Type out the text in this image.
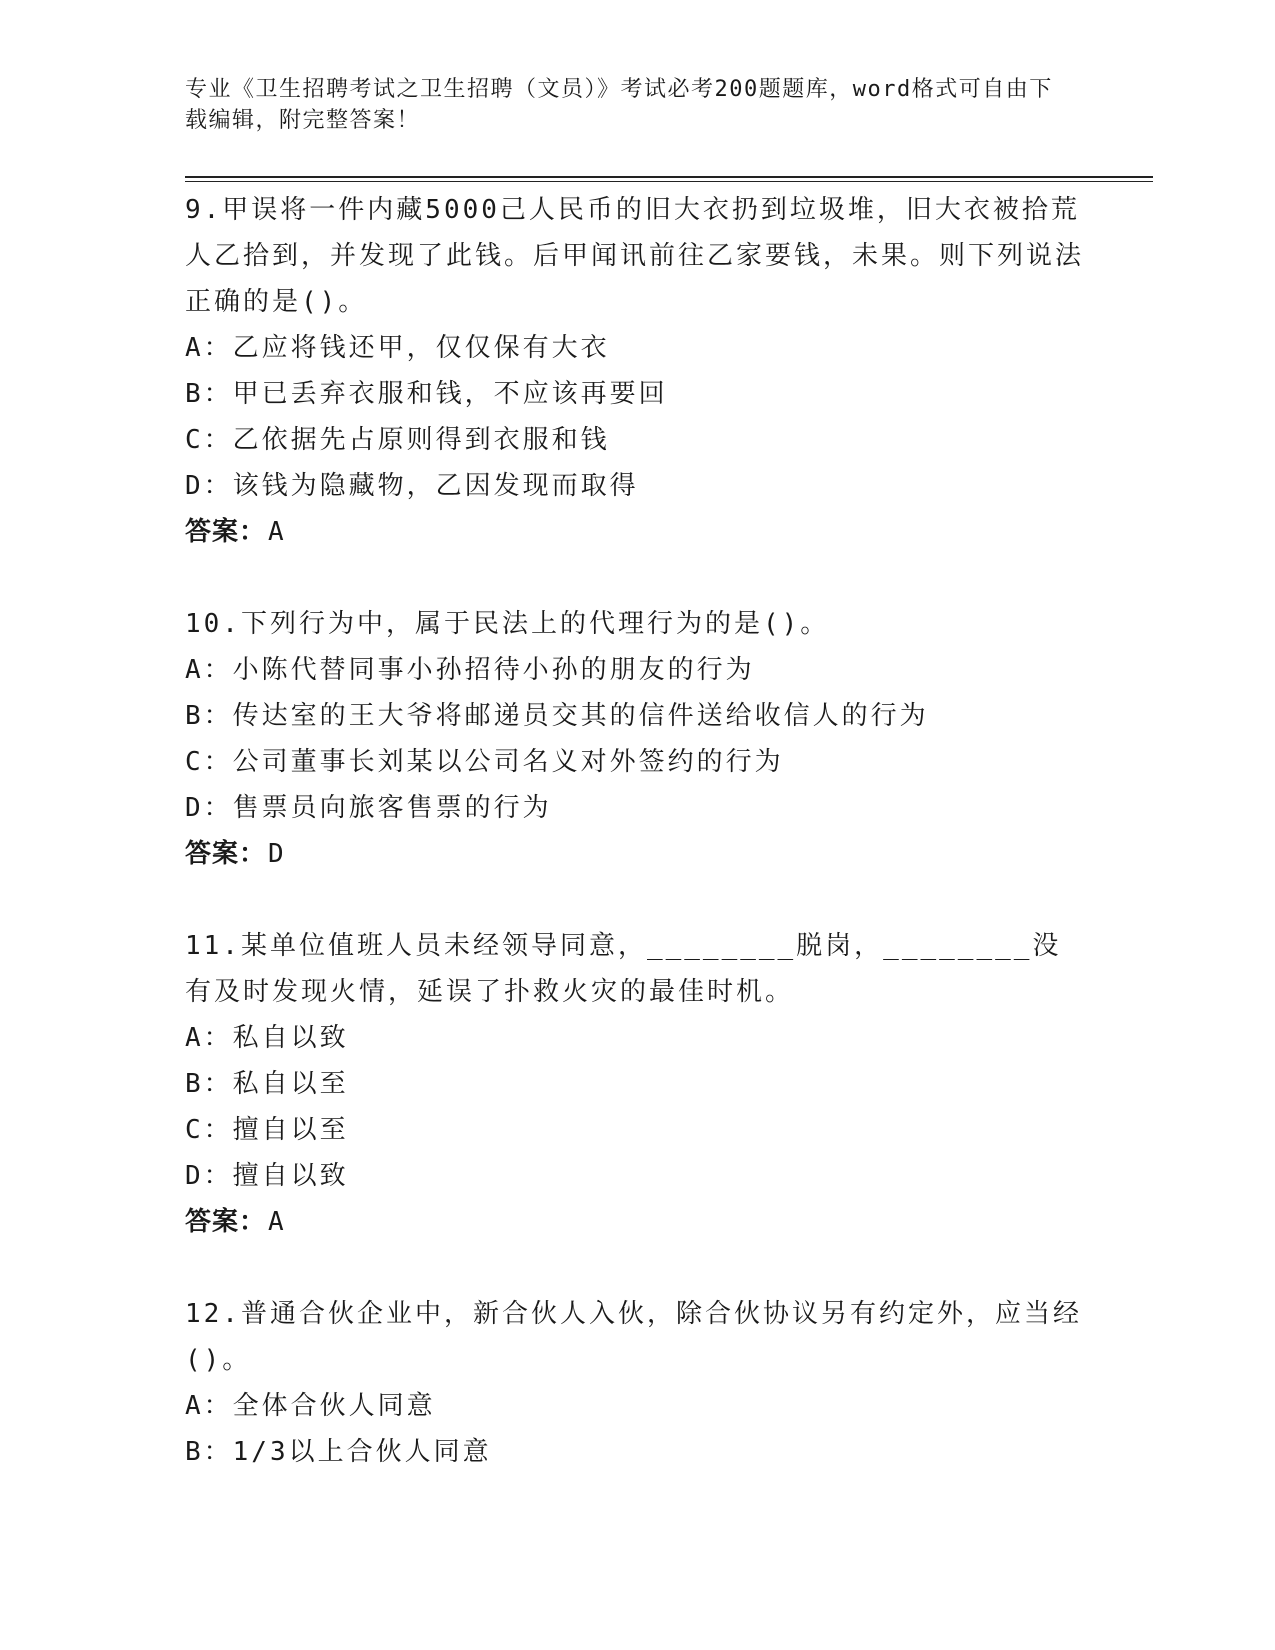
专业《卫生招聘考试之卫生招聘（文员）》考试必考200题题库，word格式可自由下载编辑，附完整答案！

9.甲误将一件内藏5000己人民币的旧大衣扔到垃圾堆，旧大衣被拾荒人乙拾到，并发现了此钱。后甲闻讯前往乙家要钱，未果。则下列说法正确的是()。

A：乙应将钱还甲，仅仅保有大衣

B：甲已丢弃衣服和钱，不应该再要回

C：乙依据先占原则得到衣服和钱

D：该钱为隐藏物，乙因发现而取得

答案：A

10.下列行为中，属于民法上的代理行为的是()。

A：小陈代替同事小孙招待小孙的朋友的行为

B：传达室的王大爷将邮递员交其的信件送给收信人的行为

C：公司董事长刘某以公司名义对外签约的行为

D：售票员向旅客售票的行为

答案：D

11.某单位值班人员未经领导同意，________脱岗，________没有及时发现火情，延误了扑救火灾的最佳时机。

A：私自以致

B：私自以至

C：擅自以至

D：擅自以致

答案：A

12.普通合伙企业中，新合伙人入伙，除合伙协议另有约定外，应当经()。

A：全体合伙人同意

B：1/3以上合伙人同意
